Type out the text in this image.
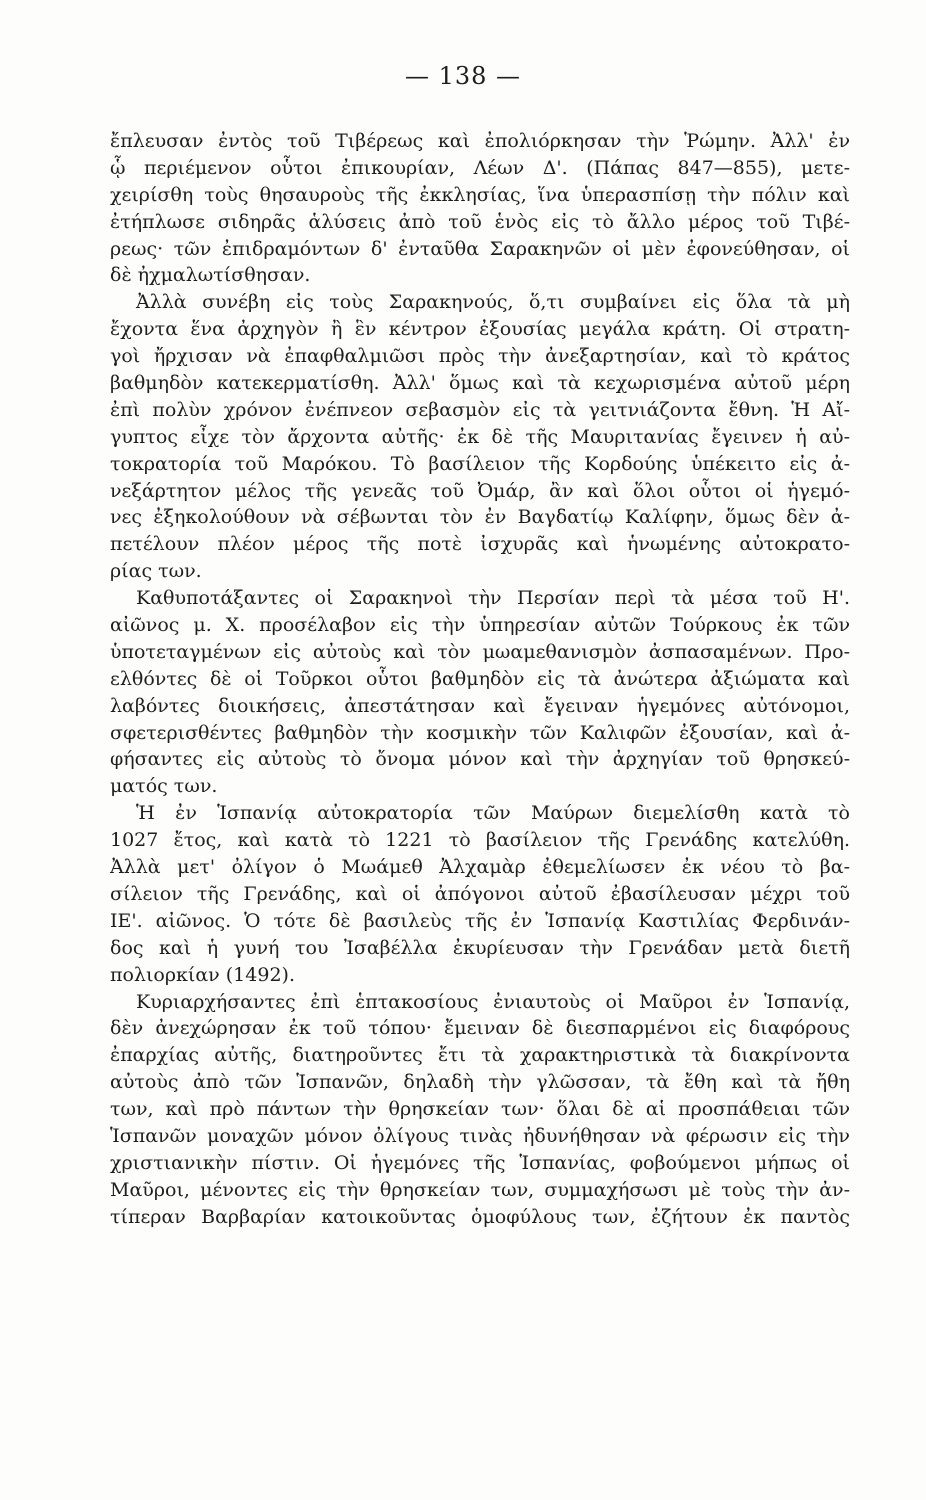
— 138 —
ἔπλευσαν ἐντὸς τοῦ Τιβέρεως καὶ ἐπολιόρκησαν τὴν Ῥώμην. Ἀλλ' ἐν
ᾧ περιέμενον οὗτοι ἐπικουρίαν, Λέων Δ'. (Πάπας 847—855), μετε-
χειρίσθη τοὺς θησαυροὺς τῆς ἐκκλησίας, ἵνα ὑπερασπίσῃ τὴν πόλιν καὶ
ἐτήπλωσε σιδηρᾶς ἁλύσεις ἀπὸ τοῦ ἑνὸς εἰς τὸ ἄλλο μέρος τοῦ Τιβέ-
ρεως· τῶν ἐπιδραμόντων δ' ἐνταῦθα Σαρακηνῶν οἱ μὲν ἐφονεύθησαν, οἱ
δὲ ἠχμαλωτίσθησαν.
Ἀλλὰ συνέβη εἰς τοὺς Σαρακηνούς, ὅ,τι συμβαίνει εἰς ὅλα τὰ μὴ
ἔχοντα ἕνα ἀρχηγὸν ἢ ἓν κέντρον ἐξουσίας μεγάλα κράτη. Οἱ στρατη-
γοὶ ἤρχισαν νὰ ἐπαφθαλμιῶσι πρὸς τὴν ἀνεξαρτησίαν, καὶ τὸ κράτος
βαθμηδὸν κατεκερματίσθη. Ἀλλ' ὅμως καὶ τὰ κεχωρισμένα αὐτοῦ μέρη
ἐπὶ πολὺν χρόνον ἐνέπνεον σεβασμὸν εἰς τὰ γειτνιάζοντα ἔθνη. Ἡ Αἴ-
γυπτος εἶχε τὸν ἄρχοντα αὐτῆς· ἐκ δὲ τῆς Μαυριτανίας ἔγεινεν ἡ αὐ-
τοκρατορία τοῦ Μαρόκου. Τὸ βασίλειον τῆς Κορδούης ὑπέκειτο εἰς ἀ-
νεξάρτητον μέλος τῆς γενεᾶς τοῦ Ὀμάρ, ἂν καὶ ὅλοι οὗτοι οἱ ἡγεμό-
νες ἐξηκολούθουν νὰ σέβωνται τὸν ἐν Βαγδατίῳ Καλίφην, ὅμως δὲν ἀ-
πετέλουν πλέον μέρος τῆς ποτὲ ἰσχυρᾶς καὶ ἡνωμένης αὐτοκρατο-
ρίας των.
Καθυποτάξαντες οἱ Σαρακηνοὶ τὴν Περσίαν περὶ τὰ μέσα τοῦ Η'.
αἰῶνος μ. Χ. προσέλαβον εἰς τὴν ὑπηρεσίαν αὐτῶν Τούρκους ἐκ τῶν
ὑποτεταγμένων εἰς αὐτοὺς καὶ τὸν μωαμεθανισμὸν ἀσπασαμένων. Προ-
ελθόντες δὲ οἱ Τοῦρκοι οὗτοι βαθμηδὸν εἰς τὰ ἀνώτερα ἀξιώματα καὶ
λαβόντες διοικήσεις, ἀπεστάτησαν καὶ ἔγειναν ἡγεμόνες αὐτόνομοι,
σφετερισθέντες βαθμηδὸν τὴν κοσμικὴν τῶν Καλιφῶν ἐξουσίαν, καὶ ἀ-
φήσαντες εἰς αὐτοὺς τὸ ὄνομα μόνον καὶ τὴν ἀρχηγίαν τοῦ θρησκεύ-
ματός των.
Ἡ ἐν Ἱσπανίᾳ αὐτοκρατορία τῶν Μαύρων διεμελίσθη κατὰ τὸ
1027 ἔτος, καὶ κατὰ τὸ 1221 τὸ βασίλειον τῆς Γρενάδης κατελύθη.
Ἀλλὰ μετ' ὀλίγον ὁ Μωάμεθ Ἀλχαμὰρ ἐθεμελίωσεν ἐκ νέου τὸ βα-
σίλειον τῆς Γρενάδης, καὶ οἱ ἀπόγονοι αὐτοῦ ἐβασίλευσαν μέχρι τοῦ
ΙΕ'. αἰῶνος. Ὁ τότε δὲ βασιλεὺς τῆς ἐν Ἱσπανίᾳ Καστιλίας Φερδινάν-
δος καὶ ἡ γυνή του Ἰσαβέλλα ἐκυρίευσαν τὴν Γρενάδαν μετὰ διετῆ
πολιορκίαν (1492).
Κυριαρχήσαντες ἐπὶ ἑπτακοσίους ἐνιαυτοὺς οἱ Μαῦροι ἐν Ἱσπανίᾳ,
δὲν ἀνεχώρησαν ἐκ τοῦ τόπου· ἔμειναν δὲ διεσπαρμένοι εἰς διαφόρους
ἐπαρχίας αὐτῆς, διατηροῦντες ἔτι τὰ χαρακτηριστικὰ τὰ διακρίνοντα
αὐτοὺς ἀπὸ τῶν Ἱσπανῶν, δηλαδὴ τὴν γλῶσσαν, τὰ ἔθη καὶ τὰ ἤθη
των, καὶ πρὸ πάντων τὴν θρησκείαν των· ὅλαι δὲ αἱ προσπάθειαι τῶν
Ἱσπανῶν μοναχῶν μόνον ὀλίγους τινὰς ἠδυνήθησαν νὰ φέρωσιν εἰς τὴν
χριστιανικὴν πίστιν. Οἱ ἡγεμόνες τῆς Ἱσπανίας, φοβούμενοι μήπως οἱ
Μαῦροι, μένοντες εἰς τὴν θρησκείαν των, συμμαχήσωσι μὲ τοὺς τὴν ἀν-
τίπεραν Βαρβαρίαν κατοικοῦντας ὁμοφύλους των, ἐζήτουν ἐκ παντὸς
